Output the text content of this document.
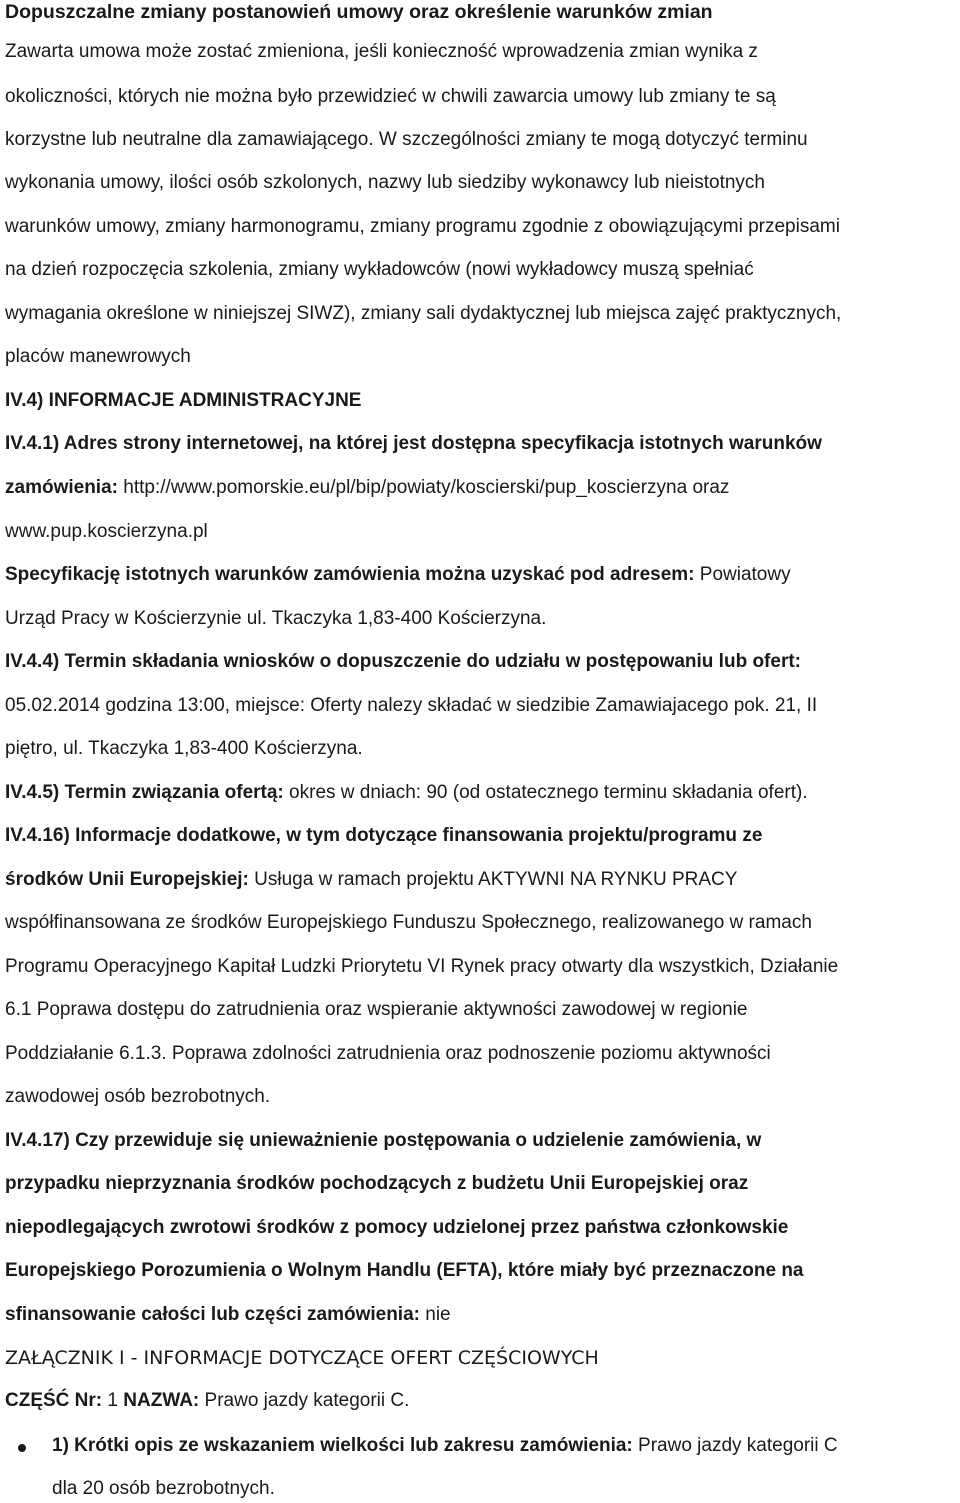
Dopuszczalne zmiany postanowień umowy oraz określenie warunków zmian
Zawarta umowa może zostać zmieniona, jeśli konieczność wprowadzenia zmian wynika z
okoliczności, których nie można było przewidzieć w chwili zawarcia umowy lub zmiany te są
korzystne lub neutralne dla zamawiającego. W szczególności zmiany te mogą dotyczyć terminu
wykonania umowy, ilości osób szkolonych, nazwy lub siedziby wykonawcy lub nieistotnych
warunków umowy, zmiany harmonogramu, zmiany programu zgodnie z obowiązującymi przepisami
na dzień rozpoczęcia szkolenia, zmiany wykładowców (nowi wykładowcy muszą spełniać
wymagania określone w niniejszej SIWZ), zmiany sali dydaktycznej lub miejsca zajęć praktycznych,
placów manewrowych
IV.4) INFORMACJE ADMINISTRACYJNE
IV.4.1) Adres strony internetowej, na której jest dostępna specyfikacja istotnych warunków
zamówienia: http://www.pomorskie.eu/pl/bip/powiaty/koscierski/pup_koscierzyna oraz
www.pup.koscierzyna.pl
Specyfikację istotnych warunków zamówienia można uzyskać pod adresem: Powiatowy
Urząd Pracy w Kościerzynie ul. Tkaczyka 1,83-400 Kościerzyna.
IV.4.4) Termin składania wniosków o dopuszczenie do udziału w postępowaniu lub ofert:
05.02.2014 godzina 13:00, miejsce: Oferty nalezy składać w siedzibie Zamawiajacego pok. 21, II
piętro, ul. Tkaczyka 1,83-400 Kościerzyna.
IV.4.5) Termin związania ofertą: okres w dniach: 90 (od ostatecznego terminu składania ofert).
IV.4.16) Informacje dodatkowe, w tym dotyczące finansowania projektu/programu ze
środków Unii Europejskiej: Usługa w ramach projektu AKTYWNI NA RYNKU PRACY
współfinansowana ze środków Europejskiego Funduszu Społecznego, realizowanego w ramach
Programu Operacyjnego Kapitał Ludzki Priorytetu VI Rynek pracy otwarty dla wszystkich, Działanie
6.1 Poprawa dostępu do zatrudnienia oraz wspieranie aktywności zawodowej w regionie
Poddziałanie 6.1.3. Poprawa zdolności zatrudnienia oraz podnoszenie poziomu aktywności
zawodowej osób bezrobotnych.
IV.4.17) Czy przewiduje się unieważnienie postępowania o udzielenie zamówienia, w
przypadku nieprzyznania środków pochodzących z budżetu Unii Europejskiej oraz
niepodlegających zwrotowi środków z pomocy udzielonej przez państwa członkowskie
Europejskiego Porozumienia o Wolnym Handlu (EFTA), które miały być przeznaczone na
sfinansowanie całości lub części zamówienia: nie
ZAŁĄCZNIK I - INFORMACJE DOTYCZĄCE OFERT CZĘŚCIOWYCH
CZĘŚĆ Nr: 1 NAZWA: Prawo jazdy kategorii C.
1) Krótki opis ze wskazaniem wielkości lub zakresu zamówienia: Prawo jazdy kategorii C
dla 20 osób bezrobotnych.
